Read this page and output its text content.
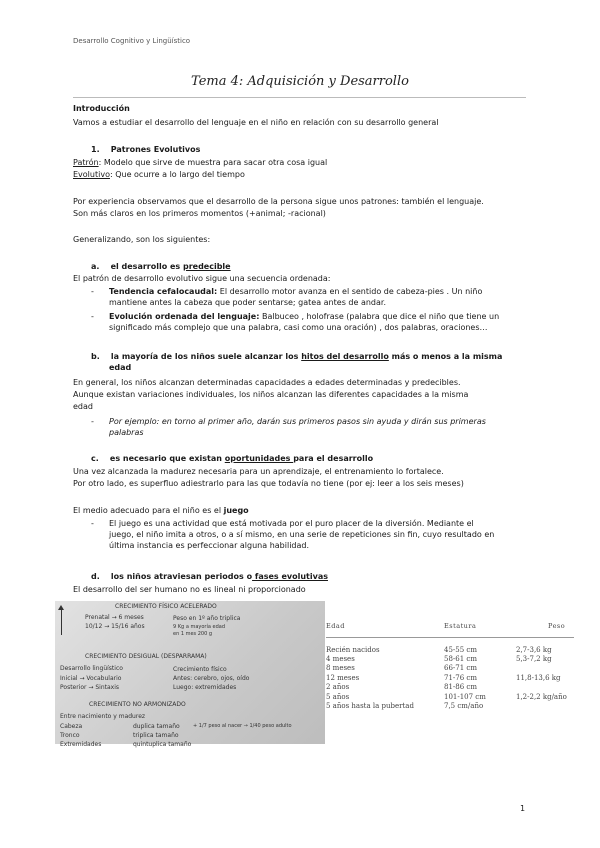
Desarrollo Cognitivo y Lingüístico
Tema 4: Adquisición y Desarrollo
Introducción
Vamos a estudiar el desarrollo del lenguaje en el niño en relación con su desarrollo general
1. Patrones Evolutivos
Patrón: Modelo que sirve de muestra para sacar otra cosa igual
Evolutivo: Que ocurre a lo largo del tiempo
Por experiencia observamos que el desarrollo de la persona sigue unos patrones: también el lenguaje.
Son más claros en los primeros momentos (+animal; -racional)
Generalizando, son los siguientes:
a. el desarrollo es predecible
El patrón de desarrollo evolutivo sigue una secuencia ordenada:
- Tendencia cefalocaudal: El desarrollo motor avanza en el sentido de cabeza-pies . Un niño
mantiene antes la cabeza que poder sentarse; gatea antes de andar.
- Evolución ordenada del lenguaje: Balbuceo , holofrase (palabra que dice el niño que tiene un
significado más complejo que una palabra, casi como una oración) , dos palabras, oraciones…
b. la mayoría de los niños suele alcanzar los hitos del desarrollo más o menos a la misma
edad
En general, los niños alcanzan determinadas capacidades a edades determinadas y predecibles.
Aunque existan variaciones individuales, los niños alcanzan las diferentes capacidades a la misma
edad
- Por ejemplo: en torno al primer año, darán sus primeros pasos sin ayuda y dirán sus primeras
palabras
c. es necesario que existan oportunidades para el desarrollo
Una vez alcanzada la madurez necesaria para un aprendizaje, el entrenamiento lo fortalece.
Por otro lado, es superfluo adiestrarlo para las que todavía no tiene (por ej: leer a los seis meses)
El medio adecuado para el niño es el juego
- El juego es una actividad que está motivada por el puro placer de la diversión. Mediante el
juego, el niño imita a otros, o a sí mismo, en una serie de repeticiones sin fin, cuyo resultado en
última instancia es perfeccionar alguna habilidad.
d. los niños atraviesan periodos o fases evolutivas
El desarrollo del ser humano no es lineal ni proporcionado
CRECIMIENTO FÍSICO ACELERADO
Prenatal → 6 meses
10/12 → 15/16 años
Peso en 1º año triplica
9 Kg a mayoría edad
en 1 mes 200 g
CRECIMIENTO DESIGUAL (DESPARRAMA)
Desarrollo lingüístico
Inicial → Vocabulario
Posterior → Sintaxis
Crecimiento físico
Antes: cerebro, ojos, oído
Luego: extremidades
CRECIMIENTO NO ARMONIZADO
Entre nacimiento y madurez
Cabeza
Tronco
Extremidades
duplica tamaño
triplica tamaño
quintuplica tamaño
+ 1/7 peso al nacer → 1/40 peso adulto
Edad	Estatura	Peso
Recién nacidos	45-55 cm	2,7-3,6 kg
4 meses	58-61 cm	5,3-7,2 kg
8 meses	66-71 cm
12 meses	71-76 cm	11,8-13,6 kg
2 años	81-86 cm
5 años	101-107 cm	1,2-2,2 kg/año
5 años hasta la pubertad	7,5 cm/año
1
